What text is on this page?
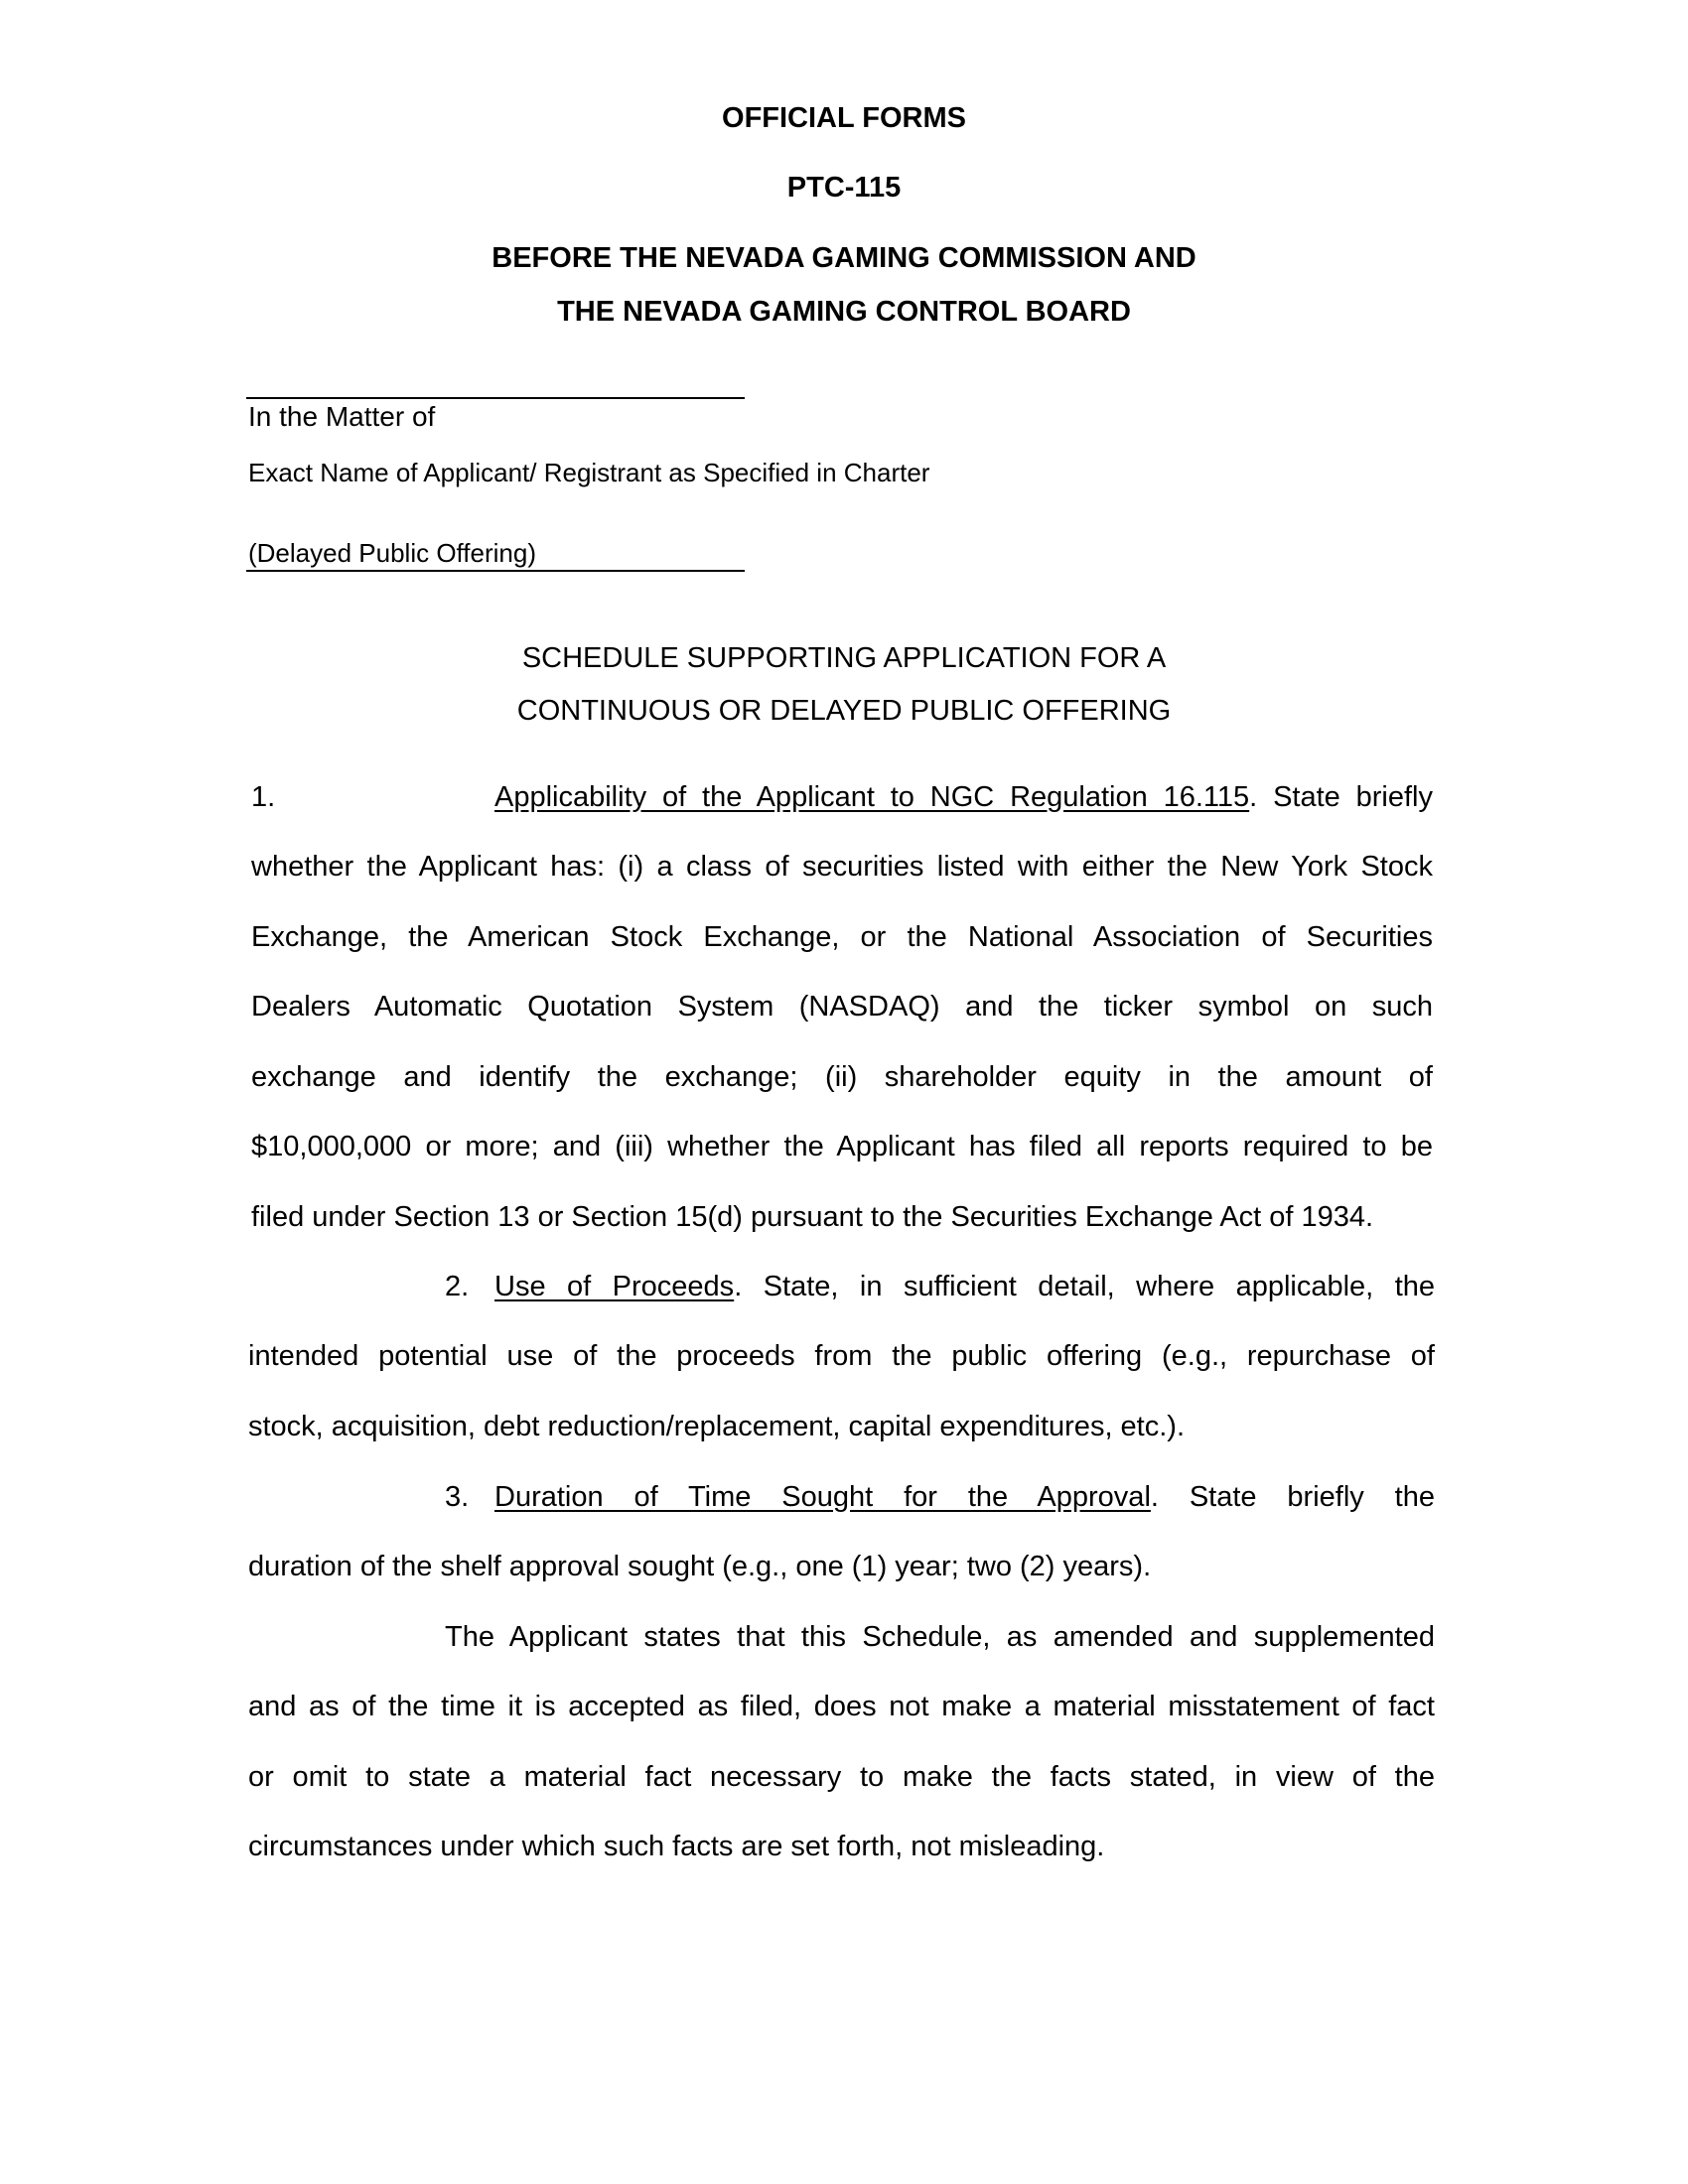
OFFICIAL FORMS
PTC-115
BEFORE THE NEVADA GAMING COMMISSION AND
THE NEVADA GAMING CONTROL BOARD
In the Matter of
Exact Name of Applicant/ Registrant as Specified in Charter
(Delayed Public Offering)
SCHEDULE SUPPORTING APPLICATION FOR A
CONTINUOUS OR DELAYED PUBLIC OFFERING
1.	Applicability of the Applicant to NGC Regulation 16.115. State briefly
whether the Applicant has: (i) a class of securities listed with either the New York Stock
Exchange, the American Stock Exchange, or the National Association of Securities
Dealers Automatic Quotation System (NASDAQ) and the ticker symbol on such
exchange and identify the exchange; (ii) shareholder equity in the amount of
$10,000,000 or more; and (iii) whether the Applicant has filed all reports required to be
filed under Section 13 or Section 15(d) pursuant to the Securities Exchange Act of 1934.
2. Use of Proceeds. State, in sufficient detail, where applicable, the
intended potential use of the proceeds from the public offering (e.g., repurchase of
stock, acquisition, debt reduction/replacement, capital expenditures, etc.).
3. Duration of Time Sought for the Approval. State briefly the
duration of the shelf approval sought (e.g., one (1) year; two (2) years).
The Applicant states that this Schedule, as amended and supplemented
and as of the time it is accepted as filed, does not make a material misstatement of fact
or omit to state a material fact necessary to make the facts stated, in view of the
circumstances under which such facts are set forth, not misleading.
